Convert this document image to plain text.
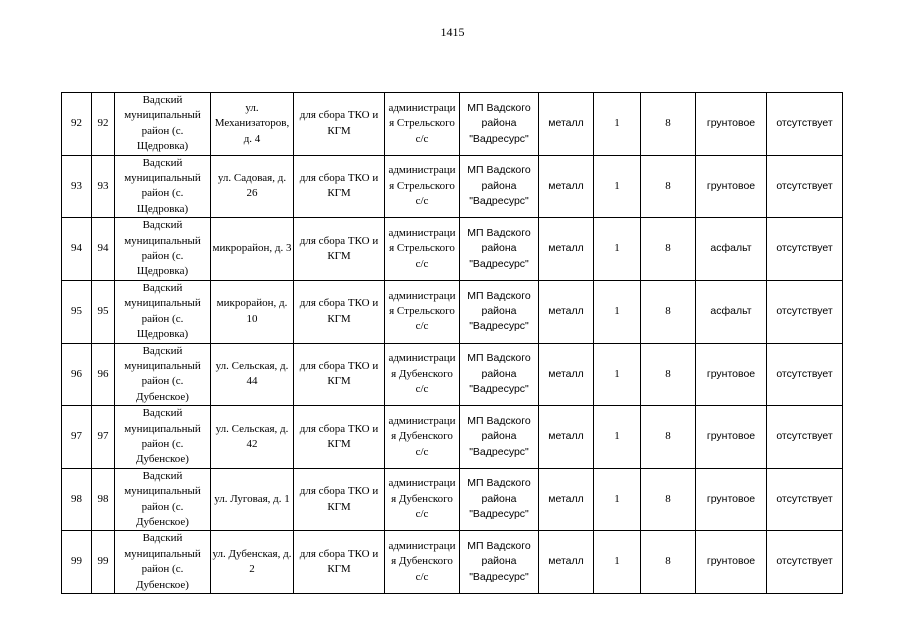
1415
92	92	Вадский муниципальный район (с. Щедровка)	ул. Механизаторов, д. 4	для сбора ТКО и КГМ	администрация Стрельского с/с	МП Вадского района "Вадресурс"	металл	1	8	грунтовое	отсутствует
93	93	Вадский муниципальный район (с. Щедровка)	ул. Садовая, д. 26	для сбора ТКО и КГМ	администрация Стрельского с/с	МП Вадского района "Вадресурс"	металл	1	8	грунтовое	отсутствует
94	94	Вадский муниципальный район (с. Щедровка)	микрорайон, д. 3	для сбора ТКО и КГМ	администрация Стрельского с/с	МП Вадского района "Вадресурс"	металл	1	8	асфальт	отсутствует
95	95	Вадский муниципальный район (с. Щедровка)	микрорайон, д. 10	для сбора ТКО и КГМ	администрация Стрельского с/с	МП Вадского района "Вадресурс"	металл	1	8	асфальт	отсутствует
96	96	Вадский муниципальный район (с. Дубенское)	ул. Сельская, д. 44	для сбора ТКО и КГМ	администрация Дубенского с/с	МП Вадского района "Вадресурс"	металл	1	8	грунтовое	отсутствует
97	97	Вадский муниципальный район (с. Дубенское)	ул. Сельская, д. 42	для сбора ТКО и КГМ	администрация Дубенского с/с	МП Вадского района "Вадресурс"	металл	1	8	грунтовое	отсутствует
98	98	Вадский муниципальный район (с. Дубенское)	ул. Луговая, д. 1	для сбора ТКО и КГМ	администрация Дубенского с/с	МП Вадского района "Вадресурс"	металл	1	8	грунтовое	отсутствует
99	99	Вадский муниципальный район (с. Дубенское)	ул. Дубенская, д. 2	для сбора ТКО и КГМ	администрация Дубенского с/с	МП Вадского района "Вадресурс"	металл	1	8	грунтовое	отсутствует
